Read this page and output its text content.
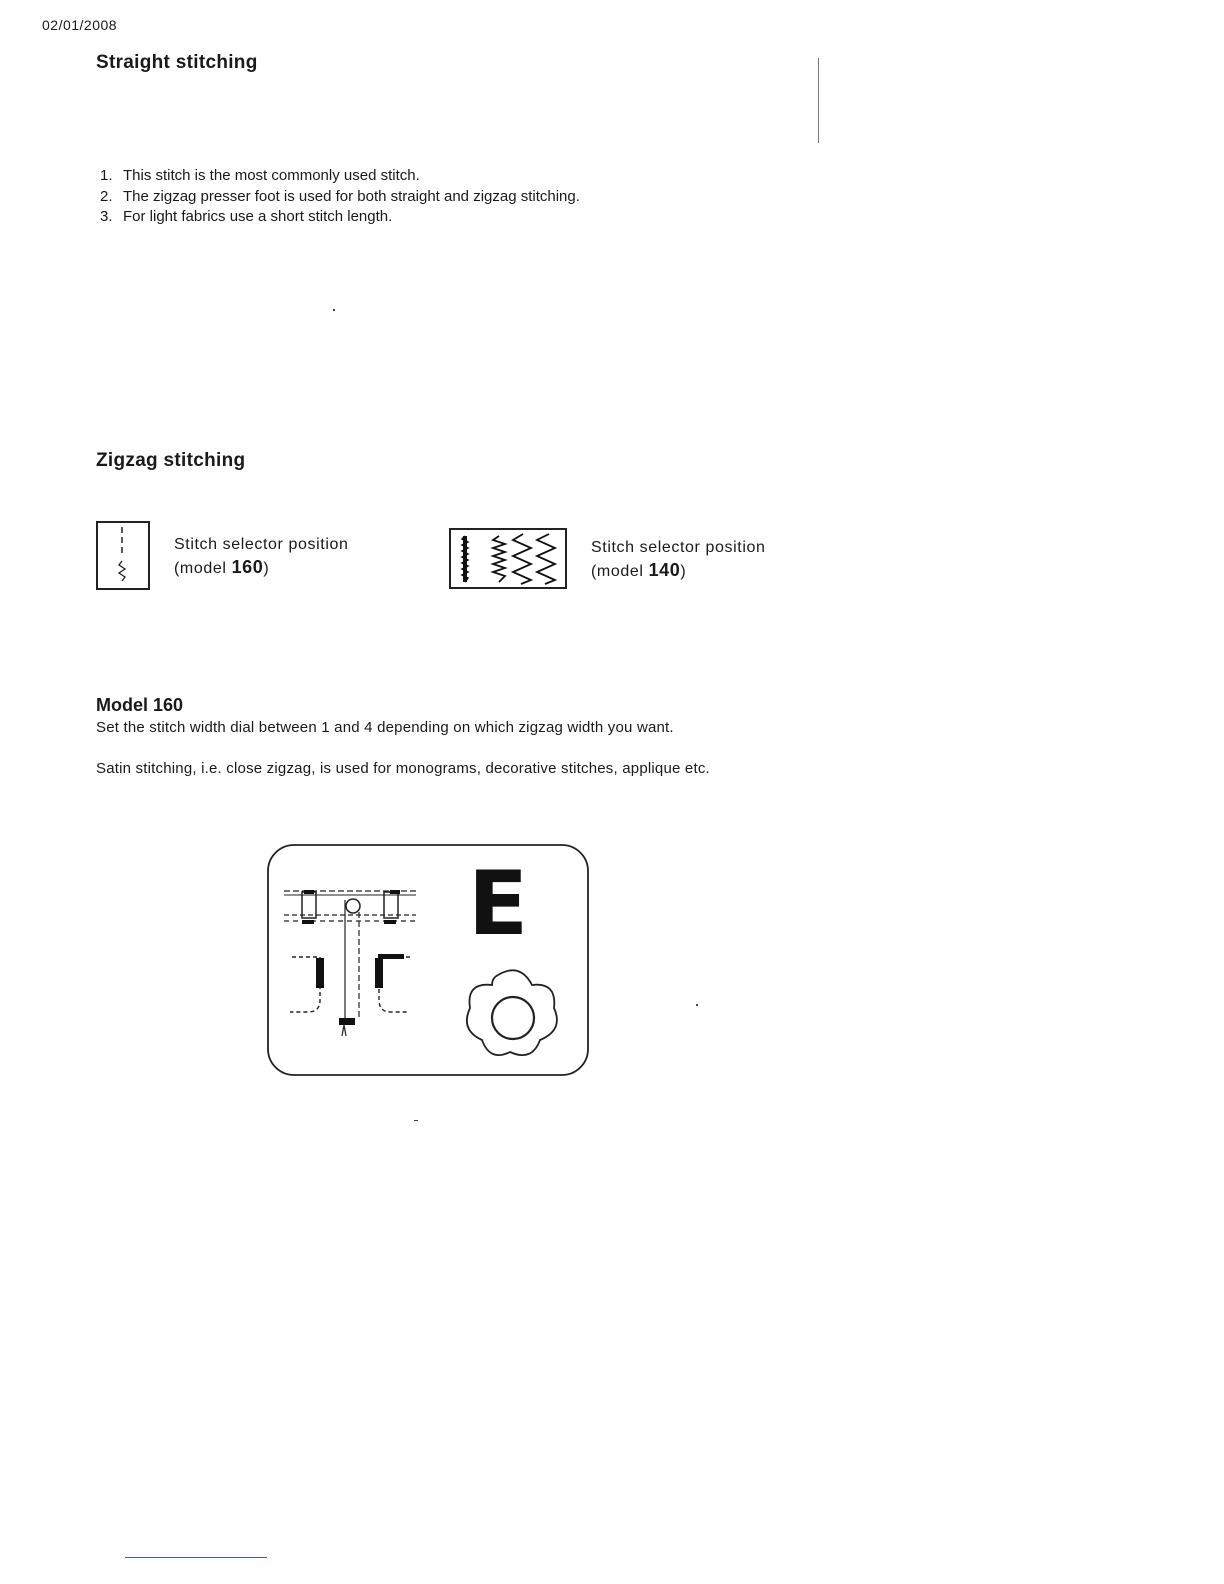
02/01/2008
Straight stitching
1. This stitch is the most commonly used stitch.
2. The zigzag presser foot is used for both straight and zigzag stitching.
3. For light fabrics use a short stitch length.
Zigzag stitching
Stitch selector position
(model 160)
Stitch selector position
(model 140)
Model 160
Set the stitch width dial between 1 and 4 depending on which zigzag width you want.
Satin stitching, i.e. close zigzag, is used for monograms, decorative stitches, applique etc.
E
